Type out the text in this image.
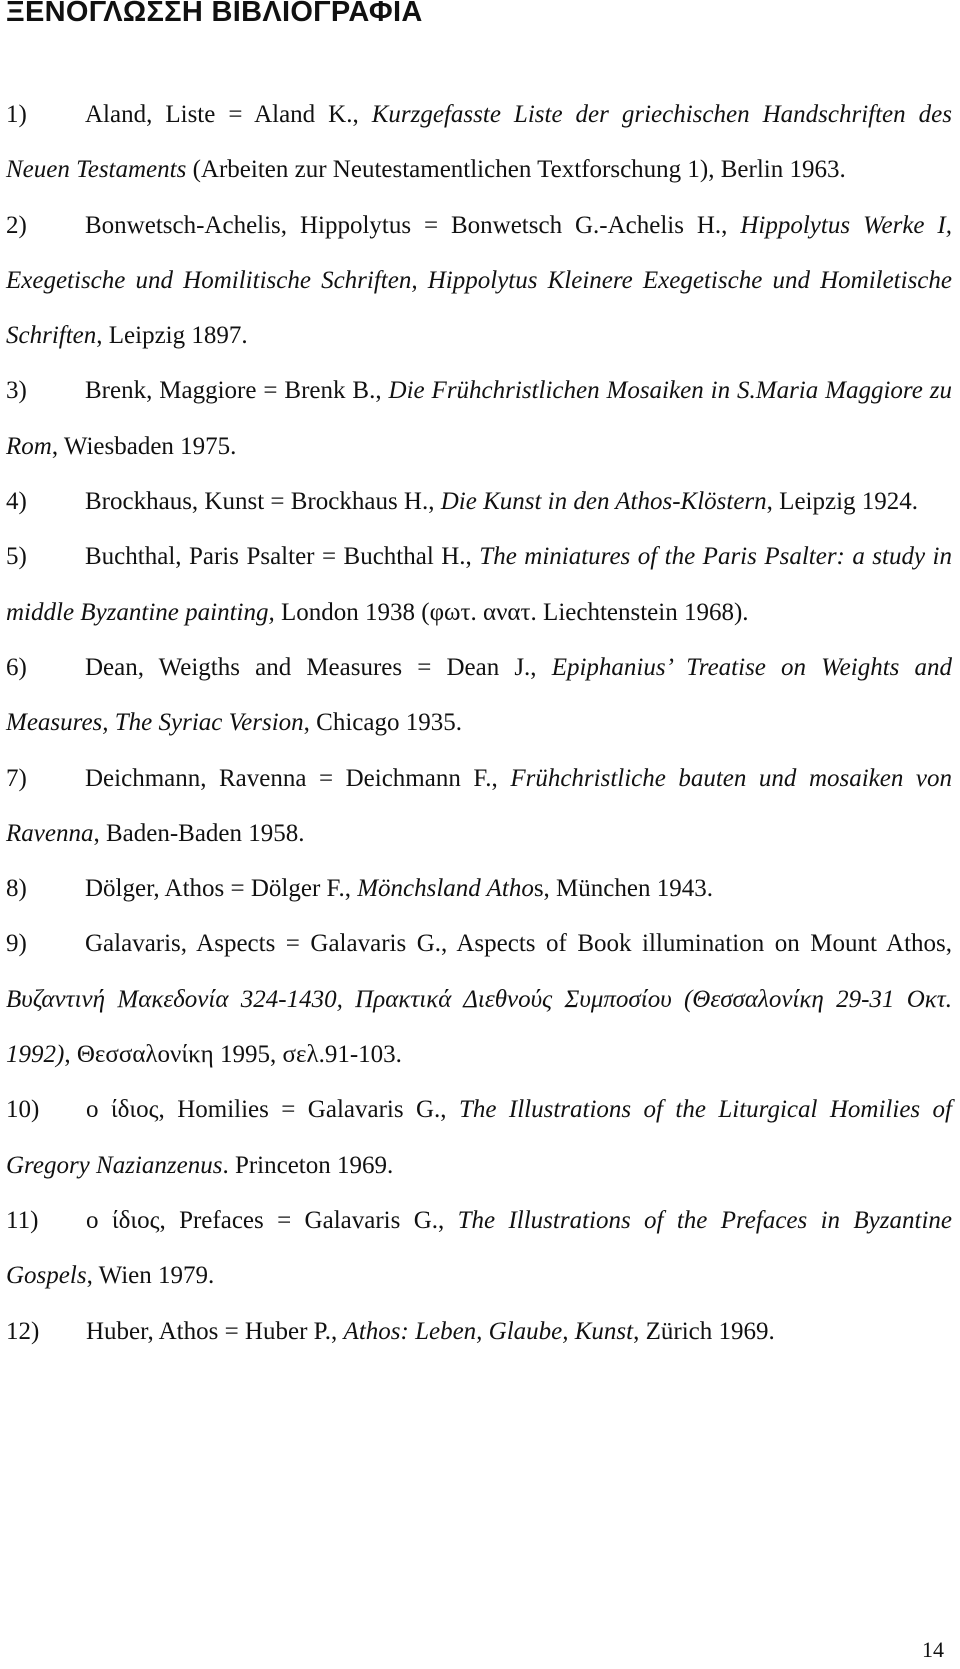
ΞΕΝΟΓΛΩΣΣΗ ΒΙΒΛΙΟΓΡΑΦΙΑ

1) Aland, Liste = Aland K., Kurzgefasste Liste der griechischen Handschriften des Neuen Testaments (Arbeiten zur Neutestamentlichen Textforschung 1), Berlin 1963.

2) Bonwetsch-Achelis, Hippolytus = Bonwetsch G.-Achelis H., Hippolytus Werke I, Exegetische und Homilitische Schriften, Hippolytus Kleinere Exegetische und Homiletische Schriften, Leipzig 1897.

3) Brenk, Maggiore = Brenk B., Die Frühchristlichen Mosaiken in S.Maria Maggiore zu Rom, Wiesbaden 1975.

4) Brockhaus, Kunst = Brockhaus H., Die Kunst in den Athos-Klöstern, Leipzig 1924.

5) Buchthal, Paris Psalter = Buchthal H., The miniatures of the Paris Psalter: a study in middle Byzantine painting, London 1938 (φωτ. ανατ. Liechtenstein 1968).

6) Dean, Weigths and Measures = Dean J., Epiphanius’ Treatise on Weights and Measures, The Syriac Version, Chicago 1935.

7) Deichmann, Ravenna = Deichmann F., Frühchristliche bauten und mosaiken von Ravenna, Baden-Baden 1958.

8) Dölger, Athos = Dölger F., Mönchsland Athos, München 1943.

9) Galavaris, Aspects = Galavaris G., Aspects of Book illumination on Mount Athos, Βυζαντινή Μακεδονία 324-1430, Πρακτικά Διεθνούς Συμποσίου (Θεσσαλονίκη 29-31 Οκτ. 1992), Θεσσαλονίκη 1995, σελ.91-103.

10) ο ίδιος, Homilies = Galavaris G., The Illustrations of the Liturgical Homilies of Gregory Nazianzenus. Princeton 1969.

11) ο ίδιος, Prefaces = Galavaris G., The Illustrations of the Prefaces in Byzantine Gospels, Wien 1979.

12) Huber, Athos = Huber P., Athos: Leben, Glaube, Kunst, Zürich 1969.

14
